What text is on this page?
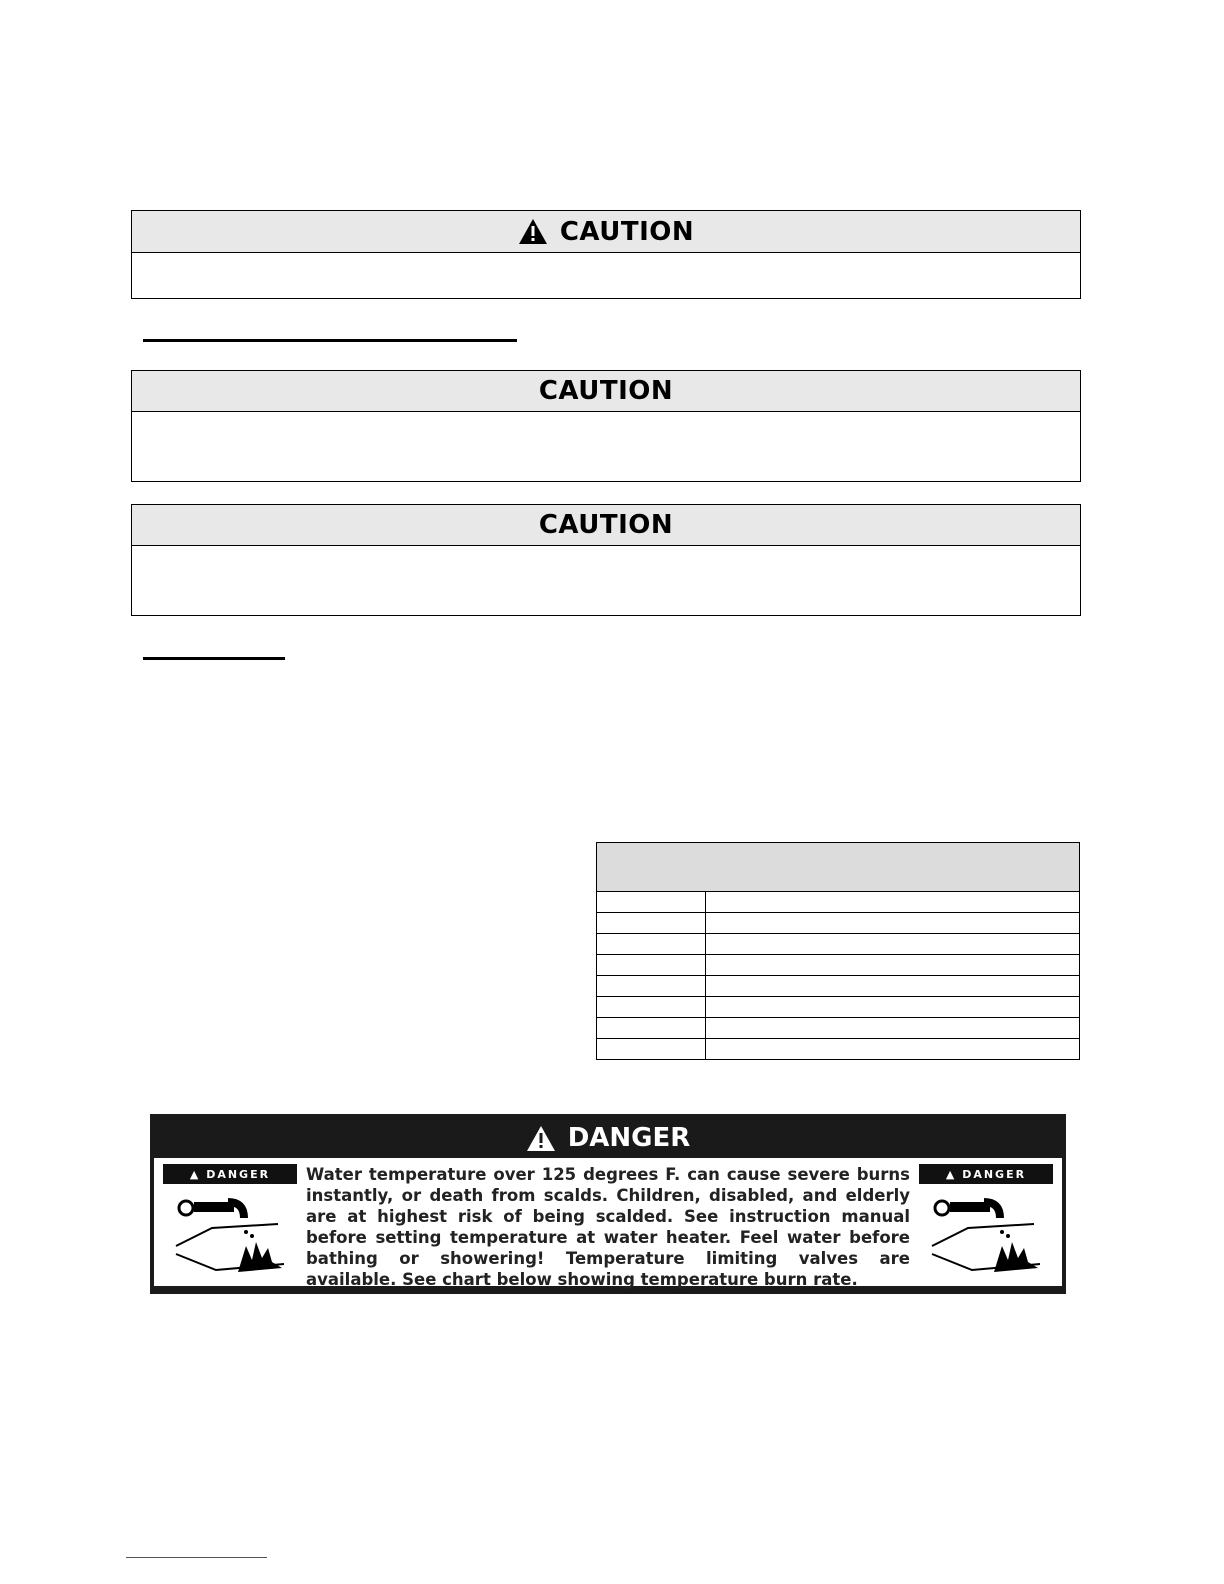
CAUTION
CAUTION
CAUTION

DANGER
▲ DANGER	Water temperature over 125 degrees F. can cause severe burns instantly, or death from scalds. Children, disabled, and elderly are at highest risk of being scalded. See instruction manual before setting temperature at water heater. Feel water before bathing or showering! Temperature limiting valves are available. See chart below showing temperature burn rate.
▲ DANGER
